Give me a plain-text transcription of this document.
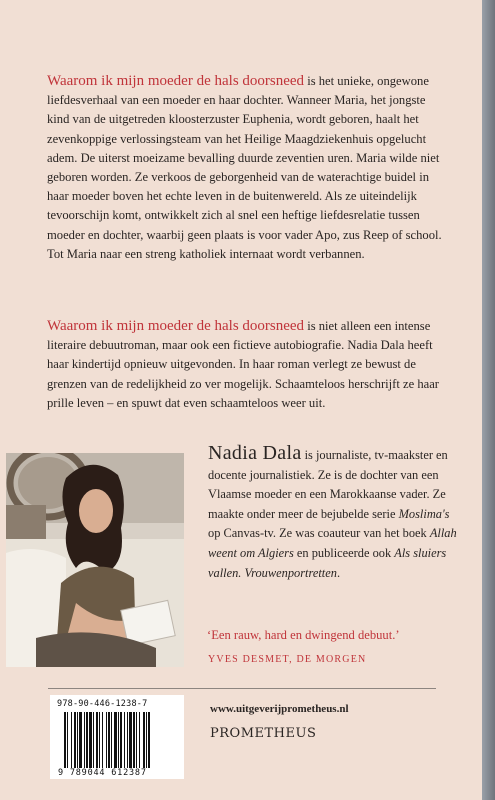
Waarom ik mijn moeder de hals doorsneed is het unieke, ongewone liefdesverhaal van een moeder en haar dochter. Wanneer Maria, het jongste kind van de uitgetreden kloosterzuster Euphenia, wordt geboren, haalt het zevenkoppige verlossingsteam van het Heilige Maagdziekenhuis opgelucht adem. De uiterst moeizame bevalling duurde zeventien uren. Maria wilde niet geboren worden. Ze verkoos de geborgenheid van de waterachtige buidel in haar moeder boven het echte leven in de buitenwereld. Als ze uiteindelijk tevoorschijn komt, ontwikkelt zich al snel een heftige liefdesrelatie tussen moeder en dochter, waarbij geen plaats is voor vader Apo, zus Reep of school. Tot Maria naar een streng katholiek internaat wordt verbannen.

Waarom ik mijn moeder de hals doorsneed is niet alleen een intense literaire debuutroman, maar ook een fictieve autobiografie. Nadia Dala heeft haar kindertijd opnieuw uitgevonden. In haar roman verlegt ze bewust de grenzen van de redelijkheid zo ver mogelijk. Schaamteloos herschrijft ze haar prille leven – en spuwt dat even schaamteloos weer uit.

Nadia Dala is journaliste, tv-maakster en docente journalistiek. Ze is de dochter van een Vlaamse moeder en een Marokkaanse vader. Ze maakte onder meer de bejubelde serie Moslima's op Canvas-tv. Ze was coauteur van het boek Allah weent om Algiers en publiceerde ook Als sluiers vallen. Vrouwenportretten.

‘Een rauw, hard en dwingend debuut.’

YVES DESMET, DE MORGEN

978-90-446-1238-7
9 789044 612387
www.uitgeverijprometheus.nl
PROMETHEUS
